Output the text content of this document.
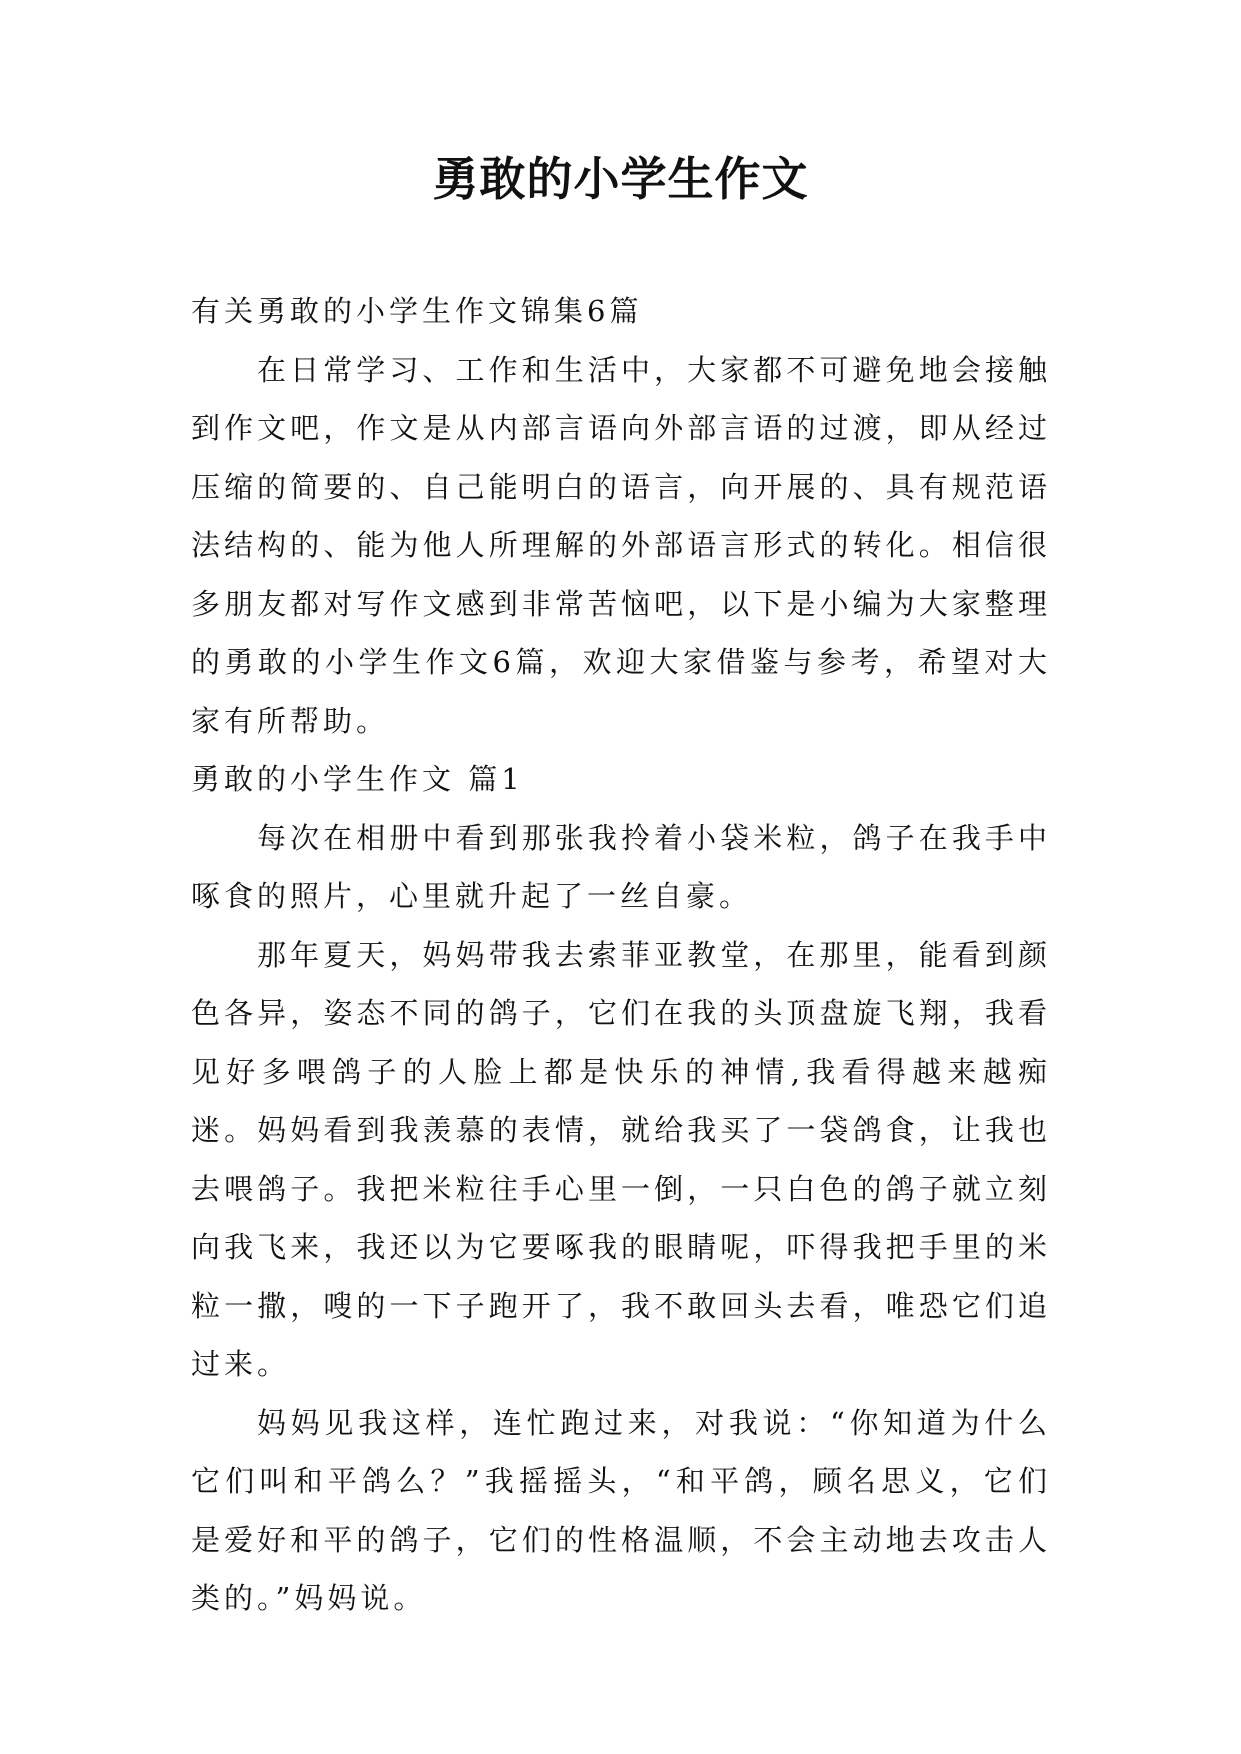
勇敢的小学生作文

有关勇敢的小学生作文锦集6篇

在日常学习、工作和生活中，大家都不可避免地会接触到作文吧，作文是从内部言语向外部言语的过渡，即从经过压缩的简要的、自己能明白的语言，向开展的、具有规范语法结构的、能为他人所理解的外部语言形式的转化。相信很多朋友都对写作文感到非常苦恼吧，以下是小编为大家整理的勇敢的小学生作文6篇，欢迎大家借鉴与参考，希望对大家有所帮助。

勇敢的小学生作文 篇1

每次在相册中看到那张我拎着小袋米粒，鸽子在我手中啄食的照片，心里就升起了一丝自豪。

那年夏天，妈妈带我去索菲亚教堂，在那里，能看到颜色各异，姿态不同的鸽子，它们在我的头顶盘旋飞翔，我看见好多喂鸽子的人脸上都是快乐的神情,我看得越来越痴迷。妈妈看到我羡慕的表情，就给我买了一袋鸽食，让我也去喂鸽子。我把米粒往手心里一倒，一只白色的鸽子就立刻向我飞来，我还以为它要啄我的眼睛呢，吓得我把手里的米粒一撒，嗖的一下子跑开了，我不敢回头去看，唯恐它们追过来。

妈妈见我这样，连忙跑过来，对我说：“你知道为什么它们叫和平鸽么？”我摇摇头，“和平鸽，顾名思义，它们是爱好和平的鸽子，它们的性格温顺，不会主动地去攻击人类的。”妈妈说。
